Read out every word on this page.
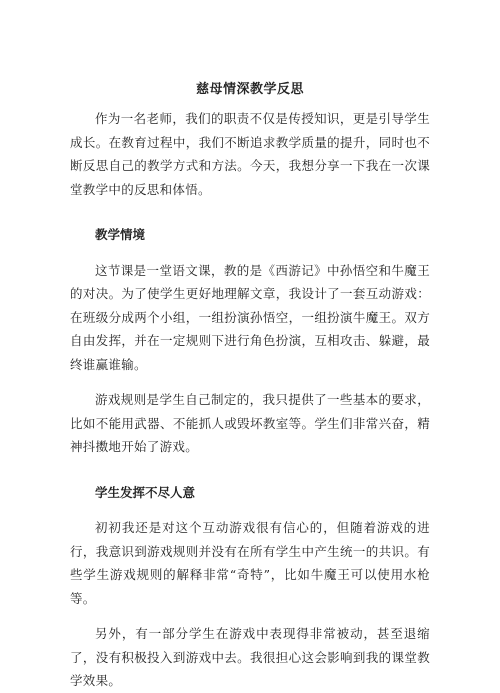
慈母情深教学反思

作为一名老师，我们的职责不仅是传授知识，更是引导学生成长。在教育过程中，我们不断追求教学质量的提升，同时也不断反思自己的教学方式和方法。今天，我想分享一下我在一次课堂教学中的反思和体悟。

教学情境

这节课是一堂语文课，教的是《西游记》中孙悟空和牛魔王的对决。为了使学生更好地理解文章，我设计了一套互动游戏：在班级分成两个小组，一组扮演孙悟空，一组扮演牛魔王。双方自由发挥，并在一定规则下进行角色扮演，互相攻击、躲避，最终谁赢谁输。

游戏规则是学生自己制定的，我只提供了一些基本的要求，比如不能用武器、不能抓人或毁坏教室等。学生们非常兴奋，精神抖擞地开始了游戏。

学生发挥不尽人意

初初我还是对这个互动游戏很有信心的，但随着游戏的进行，我意识到游戏规则并没有在所有学生中产生统一的共识。有些学生游戏规则的解释非常“奇特”，比如牛魔王可以使用水枪等。

另外，有一部分学生在游戏中表现得非常被动，甚至退缩了，没有积极投入到游戏中去。我很担心这会影响到我的课堂教学效果。
